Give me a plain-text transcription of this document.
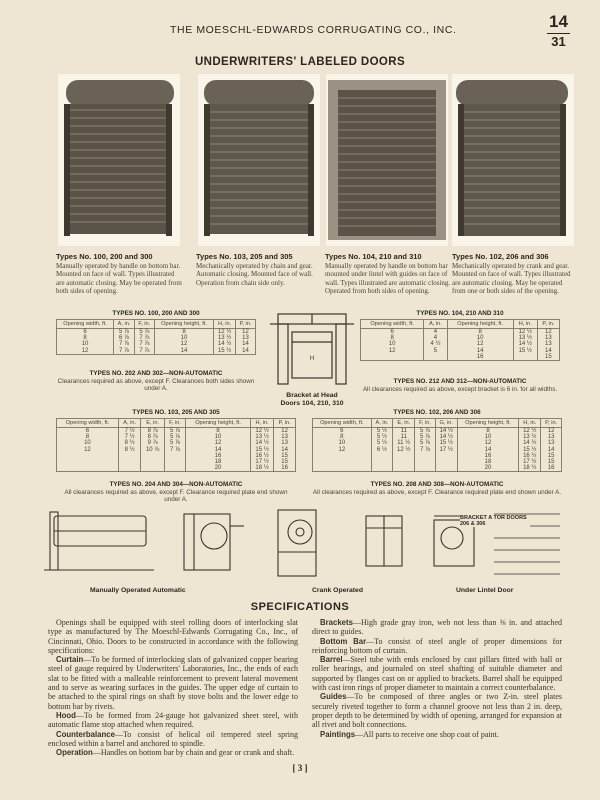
THE MOESCHL-EDWARDS CORRUGATING CO., INC.	14
31
UNDERWRITERS' LABELED DOORS
Types No. 100, 200 and 300
Manually operated by handle on bottom bar. Mounted on face of wall. Types illustrated are automatic closing. May be operated from both sides of opening.
Types No. 103, 205 and 305
Mechanically operated by chain and gear. Automatic closing. Mounted face of wall. Operation from chain side only.
Types No. 104, 210 and 310
Manually operated by handle on bottom bar mounted under lintel with guides on face of wall. Types illustrated are automatic closing. Operated from both sides of opening.
Types No. 102, 206 and 306
Mechanically operated by crank and gear. Mounted on face of wall. Types illustrated are automatic closing. May be operated from one or both sides of the opening.
TYPES NO. 100, 200 AND 300
Opening width, ft.	A, in.	F, in.	Opening height, ft.	H, in.	P, in.
6	5 ⅞	5 ⅞	8	12 ½	12
8	6 ⅞	7 ⅞	10	13 ½	13
10	7 ⅞	7 ⅞	12	14 ½	14
12	7 ⅞	7 ⅞	14	15 ½	14
TYPES NO. 202 AND 302—NON-AUTOMATIC
Clearances required as above, except F. Clearances both sides shown under A.
H
Bracket at Head
Doors 104, 210, 310
TYPES NO. 104, 210 AND 310
Opening width, ft.	A, in.	Opening height, ft.	H, in.	P, in.
6	4	8	12 ½	12
8	4	10	13 ½	13
10	4 ½	12	14 ½	13
12	5	14	15 ½	14
		16		15
TYPES NO. 212 AND 312—NON-AUTOMATIC
All clearances required as above, except bracket is 6 in. for all widths.
TYPES NO. 103, 205 AND 305
Opening width, ft.	A, in.	E, in.	F, in.	Opening height, ft.	H, in.	P, in.
6	7 ½	8 ⅞	5 ⅞	8	12 ½	12
8	7 ½	8 ⅞	5 ⅞	10	13 ½	13
10	8 ½	9 ⅞	5 ⅞	12	14 ½	13
12	8 ½	10 ⅞	7 ⅞	14	15 ½	14
				16	16 ½	15
				18	17 ½	15
				20	18 ½	16
TYPES NO. 204 AND 304—NON-AUTOMATIC
All clearances required as above, except F. Clearance required plate end shown under A.
TYPES NO. 102, 206 AND 306
Opening width, ft.	A, in.	E, in.	F, in.	G, in.	Opening height, ft.	H, in.	P, in.
6	5 ½	11	5 ⅞	14 ½	8	12 ½	12
8	5 ½	11	5 ⅞	14 ½	10	13 ½	13
10	5 ½	11 ½	5 ⅞	15 ½	12	14 ½	13
12	6 ½	12 ½	7 ⅞	17 ½	14	15 ½	14
					16	16 ½	15
					18	17 ½	15
					20	18 ½	16
TYPES NO. 208 AND 308—NON-AUTOMATIC
All clearances required as above, except F. Clearance required plate end shown under A.
BRACKET A TOR DOORS 206 & 306
Manually Operated Automatic	Crank Operated	Under Lintel Door
SPECIFICATIONS

Openings shall be equipped with steel rolling doors of interlocking slat type as manufactured by The Moeschl-Edwards Corrugating Co., Inc., of Cincinnati, Ohio. Doors to be constructed in accordance with the following specifications:

Curtain—To be formed of interlocking slats of galvanized copper bearing steel of gauge required by Underwriters' Laboratories, Inc., the ends of each slat to be fitted with a malleable reinforcement to prevent lateral movement and to serve as wearing surfaces in the guides. The upper edge of curtain to be attached to the spiral rings on shaft by stove bolts and the lower edge to bottom bar by rivets.

Hood—To be formed from 24-gauge hot galvanized sheet steel, with automatic flame stop attached when required.

Counterbalance—To consist of helical oil tempered steel spring enclosed within a barrel and anchored to spindle.

Operation—Handles on bottom bar by chain and gear or crank and shaft.

Brackets—High grade gray iron, web not less than ⅜ in. and attached direct to guides.

Bottom Bar—To consist of steel angle of proper dimensions for reinforcing bottom of curtain.

Barrel—Steel tube with ends enclosed by cast pillars fitted with ball or roller bearings, and journaled on steel shafting of suitable diameter and supported by flanges cast on or applied to brackets. Barrel shall be equipped with cast iron rings of proper diameter to maintain a correct counterbalance.

Guides—To be composed of three angles or two Z-in. steel plates securely riveted together to form a channel groove not less than 2 in. deep, proper depth to be determined by width of opening, arranged for expansion at all rivet and bolt connections.

Paintings—All parts to receive one shop coat of paint.

[ 3 ]
